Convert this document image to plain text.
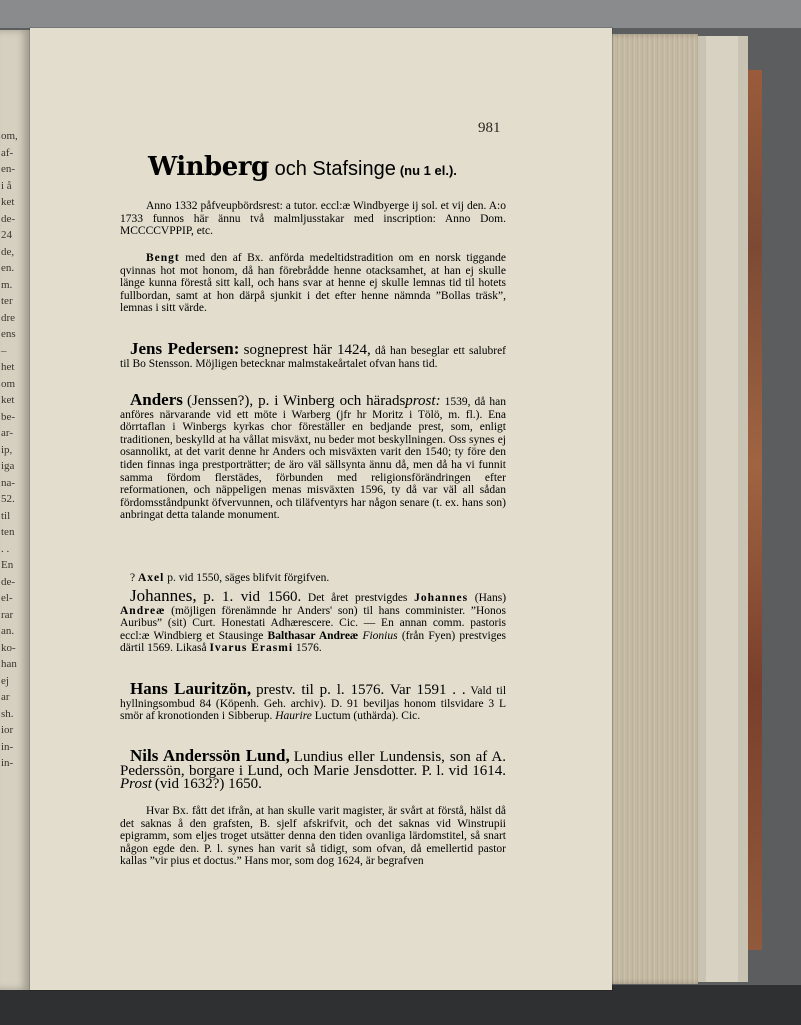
om,
af-
en-
i å
ket
de-
24
de,
en.
m.
ter
dre
ens
–
het
om
ket
be-
ar-
ip,
iga
na-
52.
til
ten
. .
En
de-
el-
rar
an.
ko-
han
ej
ar
sh.
ior
in-
in-
981
Winberg och Stafsinge (nu 1 el.).
Anno 1332 påfveupbördsrest: a tutor. eccl:æ Windbyerge ij sol. et vij den. A:o 1733 funnos här ännu två malmljusstakar med inscription: Anno Dom. MCCCCVPPIP, etc.
Bengt med den af Bx. anförda medeltidstradition om en norsk tiggande qvinnas hot mot honom, då han förebrådde henne otacksamhet, at han ej skulle länge kunna förestå sitt kall, och hans svar at henne ej skulle lemnas tid til hotets fullbordan, samt at hon därpå sjunkit i det efter henne nämnda ”Bollas träsk”, lemnas i sitt värde.
Jens Pedersen: sogneprest här 1424, då han beseglar ett salubref til Bo Stensson. Möjligen betecknar malmstakeårtalet ofvan hans tid.
Anders (Jenssen?), p. i Winberg och häradsprost: 1539, då han anföres närvarande vid ett möte i Warberg (jfr hr Moritz i Tölö, m. fl.). Ena dörrtaflan i Winbergs kyrkas chor föreställer en bedjande prest, som, enligt traditionen, beskylld at ha vållat misväxt, nu beder mot beskyllningen. Oss synes ej osannolikt, at det varit denne hr Anders och misväxten varit den 1540; ty före den tiden finnas inga prestporträtter; de äro väl sällsynta ännu då, men då ha vi funnit samma fördom flerstädes, förbunden med religionsförändringen efter reformationen, och näppeligen menas misväxten 1596, ty då var väl all sådan fördomsståndpunkt öfvervunnen, och tiläfventyrs har någon senare (t. ex. hans son) anbringat detta talande monument.
? Axel p. vid 1550, säges blifvit förgifven.
Johannes, p. 1. vid 1560. Det året prestvigdes Johannes (Hans) Andreæ (möjligen förenämnde hr Anders' son) til hans comminister. ”Honos Auribus” (sit) Curt. Honestati Adhærescere. Cic. — En annan comm. pastoris eccl:æ Windbierg et Stausinge Balthasar Andreæ Fionius (från Fyen) prestviges därtil 1569. Likaså Ivarus Erasmi 1576.
Hans Lauritzön, prestv. til p. l. 1576. Var 1591 . . Vald til hyllningsombud 84 (Köpenh. Geh. archiv). D. 91 beviljas honom tilsvidare 3 L smör af kronotionden i Sibberup. Haurire Luctum (uthärda). Cic.
Nils Anderssön Lund, Lundius eller Lundensis, son af A. Pederssön, borgare i Lund, och Marie Jensdotter. P. l. vid 1614. Prost (vid 1632?) 1650.
Hvar Bx. fått det ifrån, at han skulle varit magister, är svårt at förstå, hälst då det saknas å den grafsten, B. sjelf afskrifvit, och det saknas vid Winstrupii epigramm, som eljes troget utsätter denna den tiden ovanliga lärdomstitel, så snart någon egde den. P. l. synes han varit så tidigt, som ofvan, då emellertid pastor kallas ”vir pius et doctus.” Hans mor, som dog 1624, är begrafven
